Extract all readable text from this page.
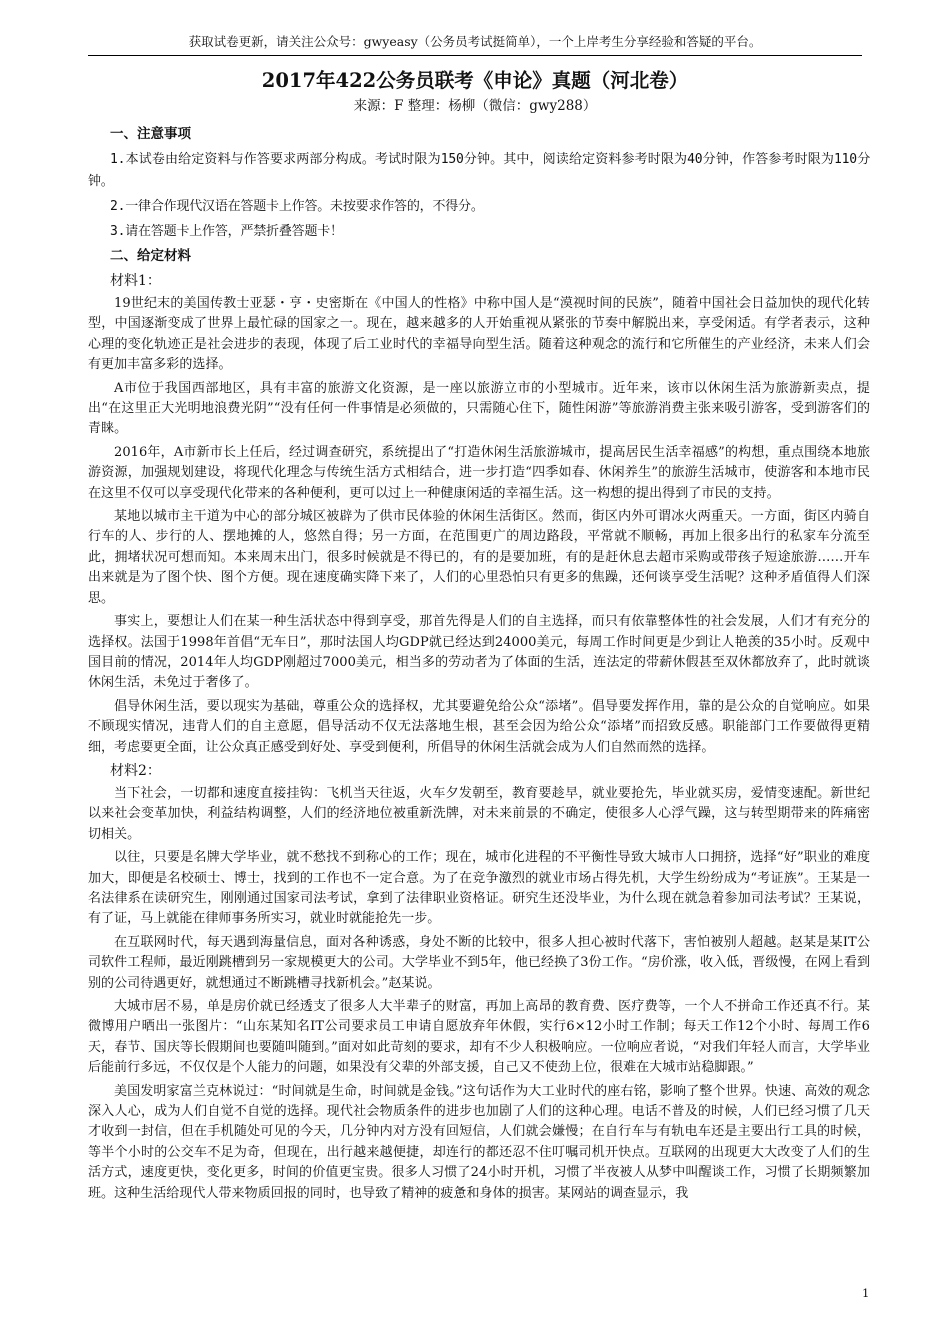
获取试卷更新，请关注公众号：gwyeasy（公务员考试挺简单），一个上岸考生分享经验和答疑的平台。
2017年422公务员联考《申论》真题（河北卷）
来源：F 整理：杨柳（微信：gwy288）
一、注意事项

1.本试卷由给定资料与作答要求两部分构成。考试时限为150分钟。其中，阅读给定资料参考时限为40分钟，作答参考时限为110分钟。

2.一律合作现代汉语在答题卡上作答。未按要求作答的，不得分。

3.请在答题卡上作答，严禁折叠答题卡！

二、给定材料
材料1：

19世纪末的美国传教士亚瑟・亨・史密斯在《中国人的性格》中称中国人是“漠视时间的民族”，随着中国社会日益加快的现代化转型，中国逐渐变成了世界上最忙碌的国家之一。现在，越来越多的人开始重视从紧张的节奏中解脱出来，享受闲适。有学者表示，这种心理的变化轨迹正是社会进步的表现，体现了后工业时代的幸福导向型生活。随着这种观念的流行和它所催生的产业经济，未来人们会有更加丰富多彩的选择。

A市位于我国西部地区，具有丰富的旅游文化资源，是一座以旅游立市的小型城市。近年来，该市以休闲生活为旅游新卖点，提出“在这里正大光明地浪费光阴”“没有任何一件事情是必须做的，只需随心住下，随性闲游”等旅游消费主张来吸引游客，受到游客们的青睐。

2016年，A市新市长上任后，经过调查研究，系统提出了“打造休闲生活旅游城市，提高居民生活幸福感”的构想，重点围绕本地旅游资源，加强规划建设，将现代化理念与传统生活方式相结合，进一步打造“四季如春、休闲养生”的旅游生活城市，使游客和本地市民在这里不仅可以享受现代化带来的各种便利，更可以过上一种健康闲适的幸福生活。这一构想的提出得到了市民的支持。

某地以城市主干道为中心的部分城区被辟为了供市民体验的休闲生活街区。然而，街区内外可谓冰火两重天。一方面，街区内骑自行车的人、步行的人、摆地摊的人，悠然自得；另一方面，在范围更广的周边路段，平常就不顺畅，再加上很多出行的私家车分流至此，拥堵状况可想而知。本来周末出门，很多时候就是不得已的，有的是要加班，有的是赶休息去超市采购或带孩子短途旅游……开车出来就是为了图个快、图个方便。现在速度确实降下来了，人们的心里恐怕只有更多的焦躁，还何谈享受生活呢？这种矛盾值得人们深思。

事实上，要想让人们在某一种生活状态中得到享受，那首先得是人们的自主选择，而只有依靠整体性的社会发展，人们才有充分的选择权。法国于1998年首倡“无车日”，那时法国人均GDP就已经达到24000美元，每周工作时间更是少到让人艳羡的35小时。反观中国目前的情况，2014年人均GDP刚超过7000美元，相当多的劳动者为了体面的生活，连法定的带薪休假甚至双休都放弃了，此时就谈休闲生活，未免过于奢侈了。

倡导休闲生活，要以现实为基础，尊重公众的选择权，尤其要避免给公众“添堵”。倡导要发挥作用，靠的是公众的自觉响应。如果不顾现实情况，违背人们的自主意愿，倡导活动不仅无法落地生根，甚至会因为给公众“添堵”而招致反感。职能部门工作要做得更精细，考虑要更全面，让公众真正感受到好处、享受到便利，所倡导的休闲生活就会成为人们自然而然的选择。

材料2：

当下社会，一切都和速度直接挂钩：飞机当天往返，火车夕发朝至，教育要趁早，就业要抢先，毕业就买房，爱情变速配。新世纪以来社会变革加快，利益结构调整，人们的经济地位被重新洗牌，对未来前景的不确定，使很多人心浮气躁，这与转型期带来的阵痛密切相关。

以往，只要是名牌大学毕业，就不愁找不到称心的工作；现在，城市化进程的不平衡性导致大城市人口拥挤，选择“好”职业的难度加大，即便是名校硕士、博士，找到的工作也不一定合意。为了在竞争激烈的就业市场占得先机，大学生纷纷成为“考证族”。王某是一名法律系在读研究生，刚刚通过国家司法考试，拿到了法律职业资格证。研究生还没毕业，为什么现在就急着参加司法考试？王某说，有了证，马上就能在律师事务所实习，就业时就能抢先一步。

在互联网时代，每天遇到海量信息，面对各种诱惑，身处不断的比较中，很多人担心被时代落下，害怕被别人超越。赵某是某IT公司软件工程师，最近刚跳槽到另一家规模更大的公司。大学毕业不到5年，他已经换了3份工作。“房价涨，收入低，晋级慢，在网上看到别的公司待遇更好，就想通过不断跳槽寻找新机会。”赵某说。

大城市居不易，单是房价就已经透支了很多人大半辈子的财富，再加上高昂的教育费、医疗费等，一个人不拼命工作还真不行。某微博用户晒出一张图片：“山东某知名IT公司要求员工申请自愿放弃年休假，实行6×12小时工作制；每天工作12个小时、每周工作6天，春节、国庆等长假期间也要随叫随到。”面对如此苛刻的要求，却有不少人积极响应。一位响应者说，“对我们年轻人而言，大学毕业后能前行多远，不仅仅是个人能力的问题，如果没有父辈的外部支援，自己又不使劲上位，很难在大城市站稳脚跟。”

美国发明家富兰克林说过：“时间就是生命，时间就是金钱。”这句话作为大工业时代的座右铭，影响了整个世界。快速、高效的观念深入人心，成为人们自觉不自觉的选择。现代社会物质条件的进步也加剧了人们的这种心理。电话不普及的时候，人们已经习惯了几天才收到一封信，但在手机随处可见的今天，几分钟内对方没有回短信，人们就会嫌慢；在自行车与有轨电车还是主要出行工具的时候，等半个小时的公交车不足为奇，但现在，出行越来越便捷，却连行的都还忍不住叮嘱司机开快点。互联网的出现更大大改变了人们的生活方式，速度更快，变化更多，时间的价值更宝贵。很多人习惯了24小时开机，习惯了半夜被人从梦中叫醒谈工作，习惯了长期频繁加班。这种生活给现代人带来物质回报的同时，也导致了精神的疲惫和身体的损害。某网站的调查显示，我

1
